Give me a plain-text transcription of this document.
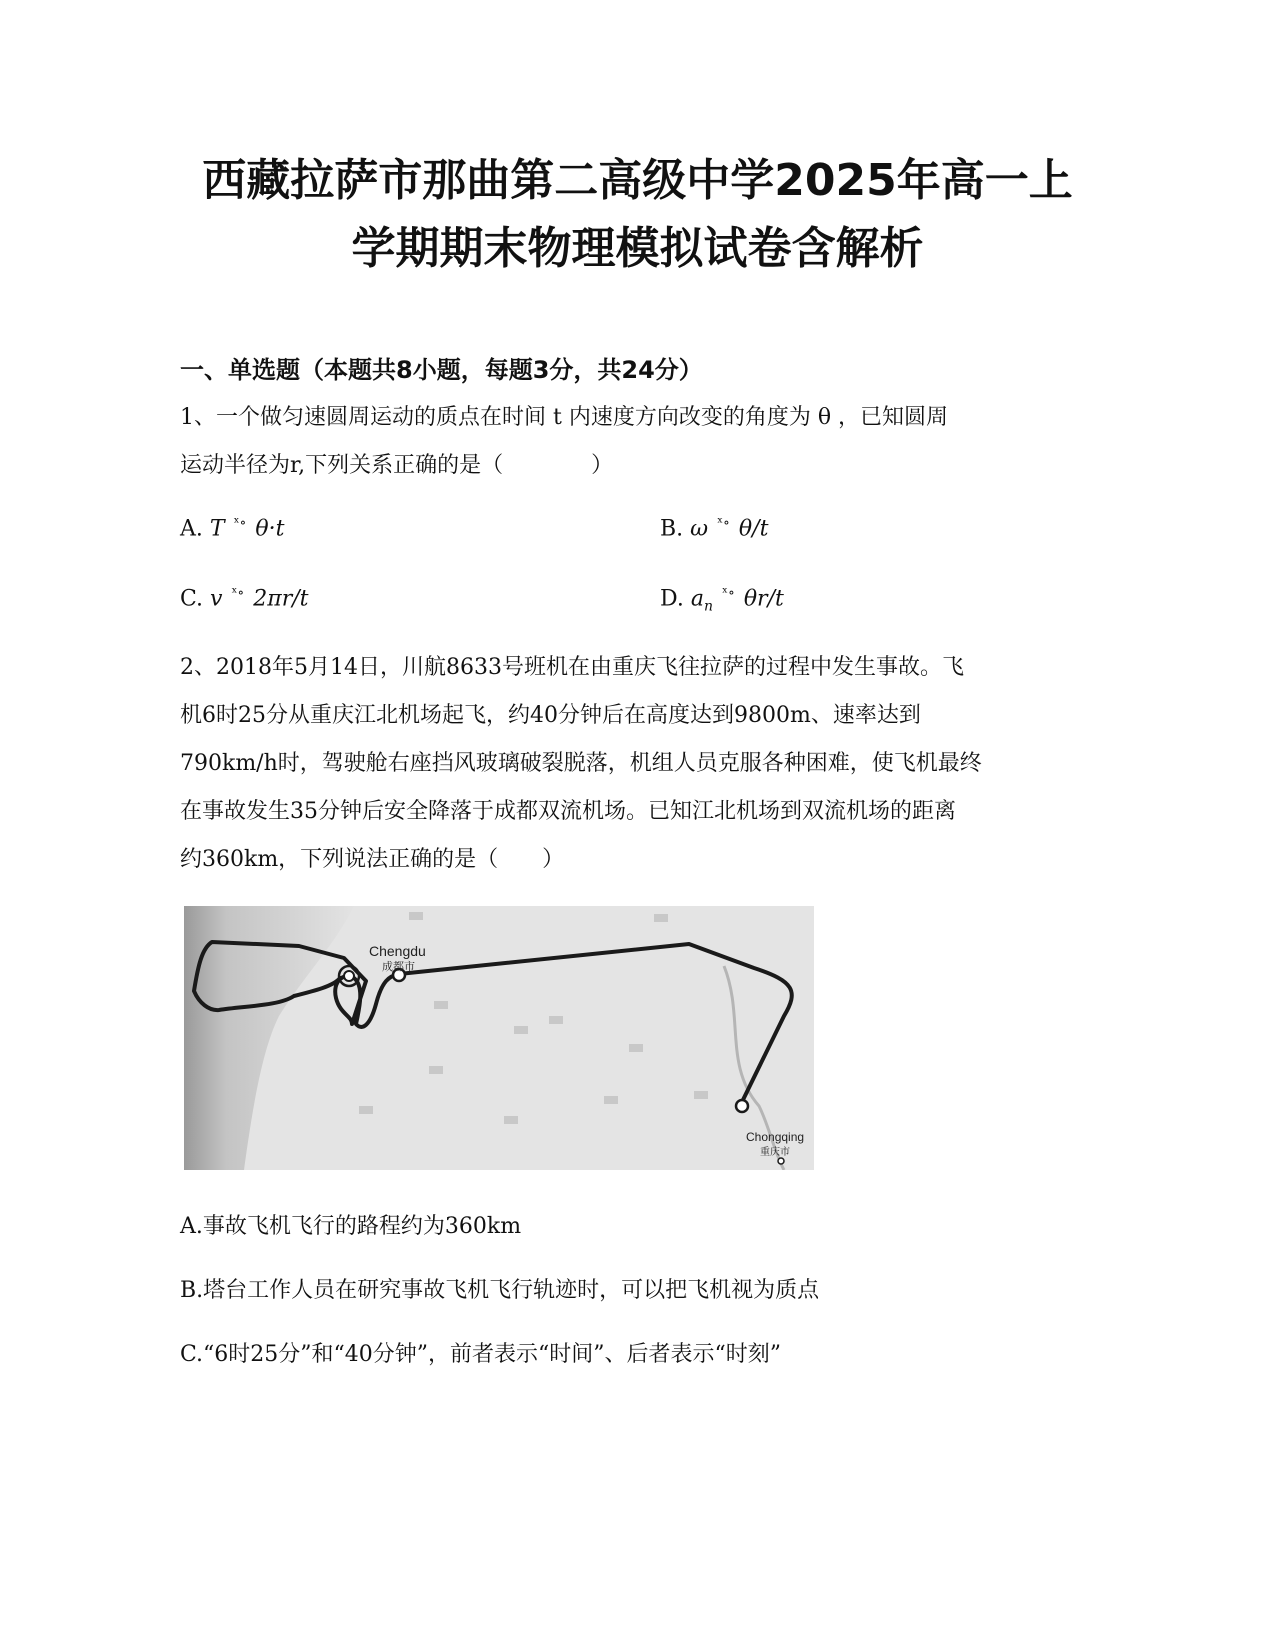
西藏拉萨市那曲第二高级中学2025年高一上
学期期末物理模拟试卷含解析
一、单选题（本题共8小题，每题3分，共24分）

1、一个做匀速圆周运动的质点在时间 t 内速度方向改变的角度为 θ ，已知圆周

运动半径为r,下列关系正确的是（　　　　）

A. T $^{ˣ\circ}$ θ·t	B. ω $^{ˣ\circ}$ θ/t
C. v $^{ˣ\circ}$ 2πr/t	D. $a_n$ $^{ˣ\circ}$ θr/t

2、2018年5月14日，川航8633号班机在由重庆飞往拉萨的过程中发生事故。飞

机6时25分从重庆江北机场起飞，约40分钟后在高度达到9800m、速率达到

790km/h时，驾驶舱右座挡风玻璃破裂脱落，机组人员克服各种困难，使飞机最终

在事故发生35分钟后安全降落于成都双流机场。已知江北机场到双流机场的距离

约360km，下列说法正确的是（　　）

Chengdu
成都市
Chongqing
重庆市

A.事故飞机飞行的路程约为360km

B.塔台工作人员在研究事故飞机飞行轨迹时，可以把飞机视为质点

C.“6时25分”和“40分钟”，前者表示“时间”、后者表示“时刻”
